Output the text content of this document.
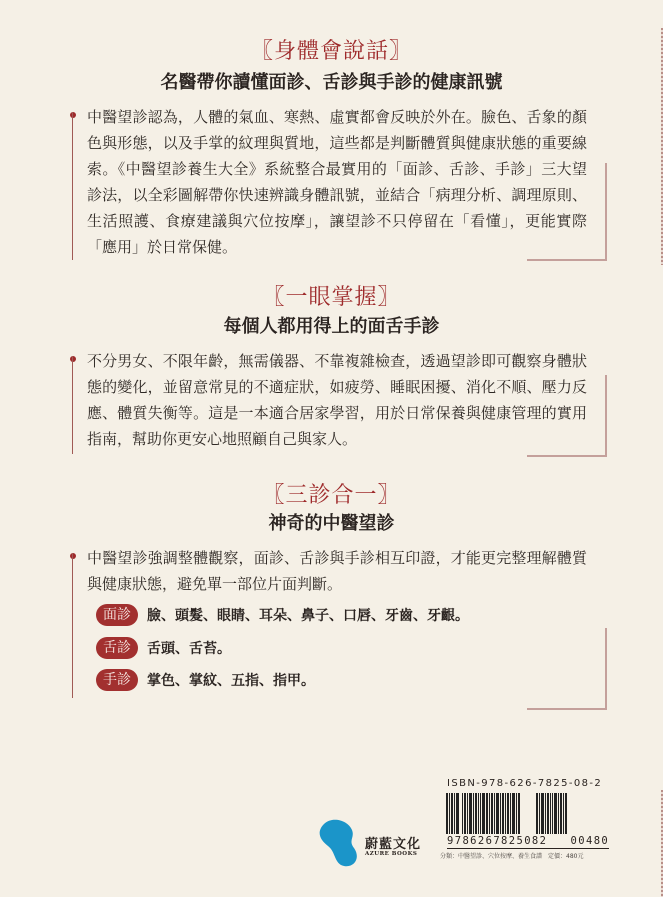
〖身體會說話〗
名醫帶你讀懂面診、舌診與手診的健康訊號
中醫望診認為，人體的氣血、寒熱、虛實都會反映於外在。臉色、舌象的顏色與形態，以及手掌的紋理與質地，這些都是判斷體質與健康狀態的重要線索。《中醫望診養生大全》系統整合最實用的「面診、舌診、手診」三大望診法，以全彩圖解帶你快速辨識身體訊號，並結合「病理分析、調理原則、生活照護、食療建議與穴位按摩」，讓望診不只停留在「看懂」，更能實際「應用」於日常保健。
〖一眼掌握〗
每個人都用得上的面舌手診
不分男女、不限年齡，無需儀器、不靠複雜檢查，透過望診即可觀察身體狀態的變化，並留意常見的不適症狀，如疲勞、睡眠困擾、消化不順、壓力反應、體質失衡等。這是一本適合居家學習，用於日常保養與健康管理的實用指南，幫助你更安心地照顧自己與家人。
〖三診合一〗
神奇的中醫望診
中醫望診強調整體觀察，面診、舌診與手診相互印證，才能更完整理解體質與健康狀態，避免單一部位片面判斷。
面診	臉、頭髮、眼睛、耳朵、鼻子、口唇、牙齒、牙齦。
舌診	舌頭、舌苔。
手診	掌色、掌紋、五指、指甲。
蔚藍文化
AZURE BOOKS
ISBN-978-626-7825-08-2
9786267825082   00480
分類：中醫望診、穴位按摩、養生食譜　定價：480元
